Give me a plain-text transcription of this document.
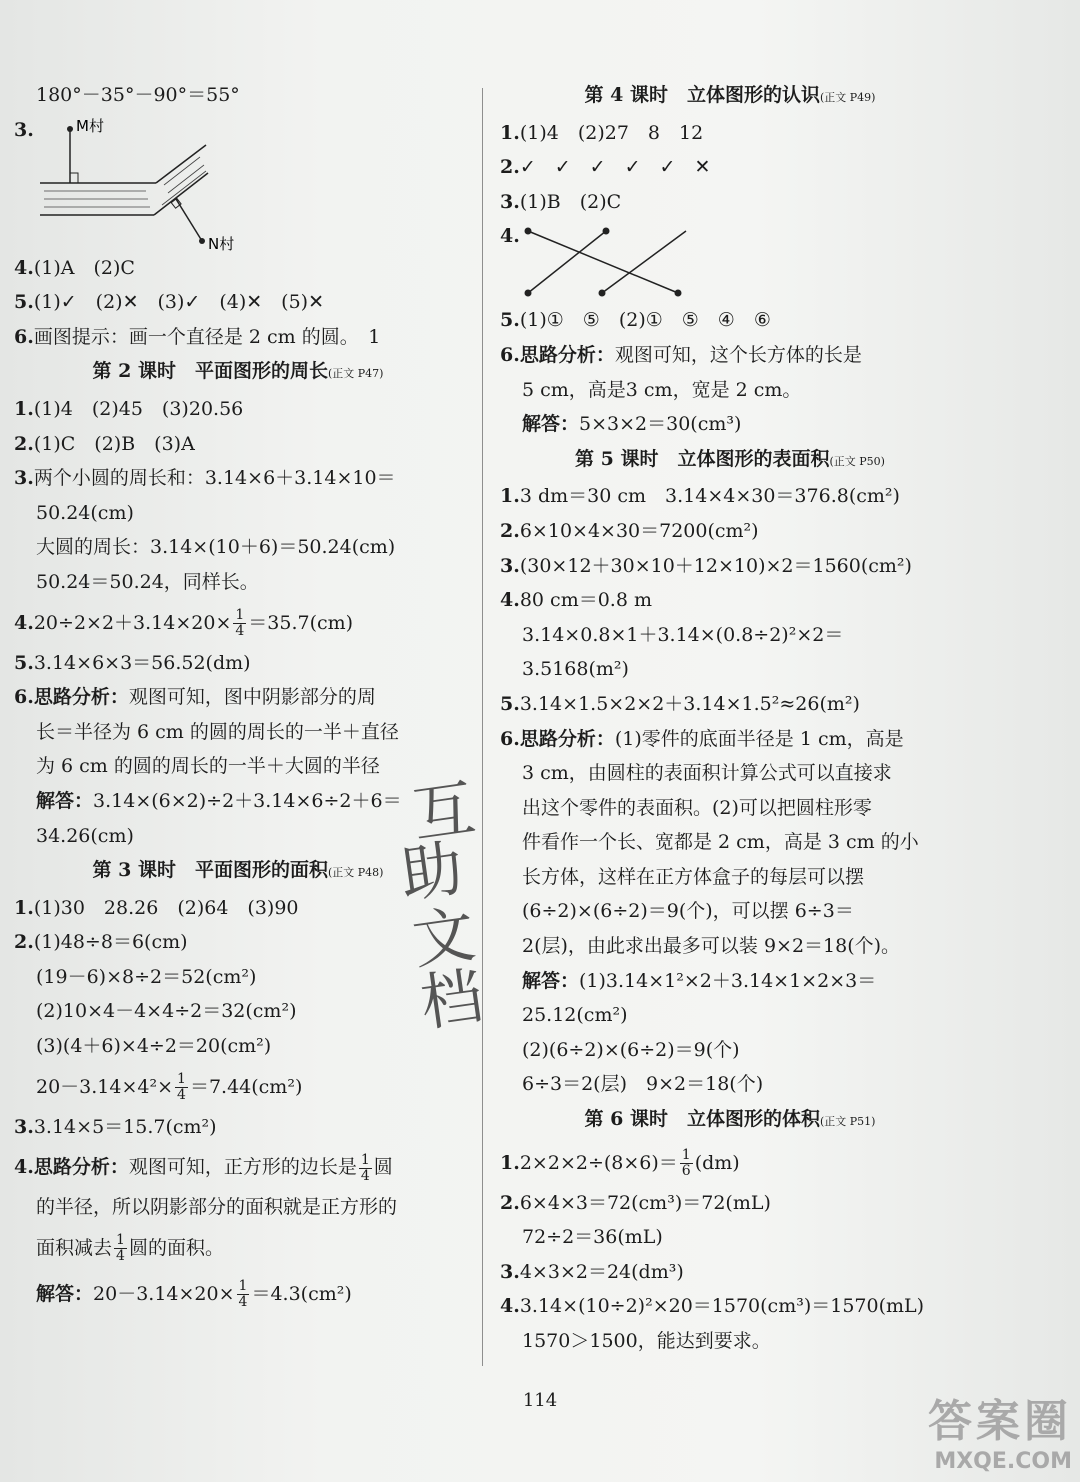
180°－35°－90°＝55°
3.	M村
N村
4.(1)A　(2)C
5.(1)✓　(2)✕　(3)✓　(4)✕　(5)✕
6.画图提示：画一个直径是 2 cm 的圆。　1
第 2 课时　平面图形的周长(正文 P47)
1.(1)4　(2)45　(3)20.56
2.(1)C　(2)B　(3)A
3.两个小圆的周长和：3.14×6＋3.14×10＝
50.24(cm)
大圆的周长：3.14×(10＋6)＝50.24(cm)
50.24＝50.24，同样长。
$4.20\div 2\times 2+3.14\times 20\times \frac{1}{4} =35.7(cm)$
5.3.14×6×3＝56.52(dm)
6.思路分析：观图可知，图中阴影部分的周
长＝半径为 6 cm 的圆的周长的一半＋直径
为 6 cm 的圆的周长的一半＋大圆的半径
解答：3.14×(6×2)÷2＋3.14×6÷2＋6＝
34.26(cm)
第 3 课时　平面图形的面积(正文 P48)
1.(1)30　28.26　(2)64　(3)90
2.(1)48÷8＝6(cm)
(19－6)×8÷2＝52(cm²)
(2)10×4－4×4÷2＝32(cm²)
(3)(4＋6)×4÷2＝20(cm²)
$20-3.14\times 4^2\times \frac{1}{4} =7.44(cm^2)$
3.3.14×5＝15.7(cm²)
4.思路分析：观图可知，正方形的边长是 $\frac{1}{4}$ 圆
的半径，所以阴影部分的面积就是正方形的
面积减去 $\frac{1}{4}$ 圆的面积。
解答：$20-3.14\times 20\times \frac{1}{4} =4.3(cm^2)$
第 4 课时　立体图形的认识(正文 P49)
1.(1)4　(2)27　8　12
2.✓　✓　✓　✓　✓　✕
3.(1)B　(2)C
4.
5.(1)①　⑤　(2)①　⑤　④　⑥
6.思路分析：观图可知，这个长方体的长是
5 cm，高是3 cm，宽是 2 cm。
解答：5×3×2＝30(cm³)
第 5 课时　立体图形的表面积(正文 P50)
1.3 dm＝30 cm　3.14×4×30＝376.8(cm²)
2.6×10×4×30＝7200(cm²)
3.(30×12＋30×10＋12×10)×2＝1560(cm²)
4.80 cm＝0.8 m
3.14×0.8×1＋3.14×(0.8÷2)²×2＝
3.5168(m²)
5.3.14×1.5×2×2＋3.14×1.5²≈26(m²)
6.思路分析：(1)零件的底面半径是 1 cm，高是
3 cm，由圆柱的表面积计算公式可以直接求
出这个零件的表面积。(2)可以把圆柱形零
件看作一个长、宽都是 2 cm，高是 3 cm 的小
长方体，这样在正方体盒子的每层可以摆
(6÷2)×(6÷2)＝9(个)，可以摆 6÷3＝
2(层)，由此求出最多可以装 9×2＝18(个)。
解答：(1)3.14×1²×2＋3.14×1×2×3＝
25.12(cm²)
(2)(6÷2)×(6÷2)＝9(个)
6÷3＝2(层)　9×2＝18(个)
第 6 课时　立体图形的体积(正文 P51)
$1.2\times 2\times 2\div(8\times 6)= \frac{1}{6} (dm)$
2.6×4×3＝72(cm³)＝72(mL)
72÷2＝36(mL)
3.4×3×2＝24(dm³)
4.3.14×(10÷2)²×20＝1570(cm³)＝1570(mL)
1570＞1500，能达到要求。
互
助
文
档
114	答案圈
MXQE.COM
